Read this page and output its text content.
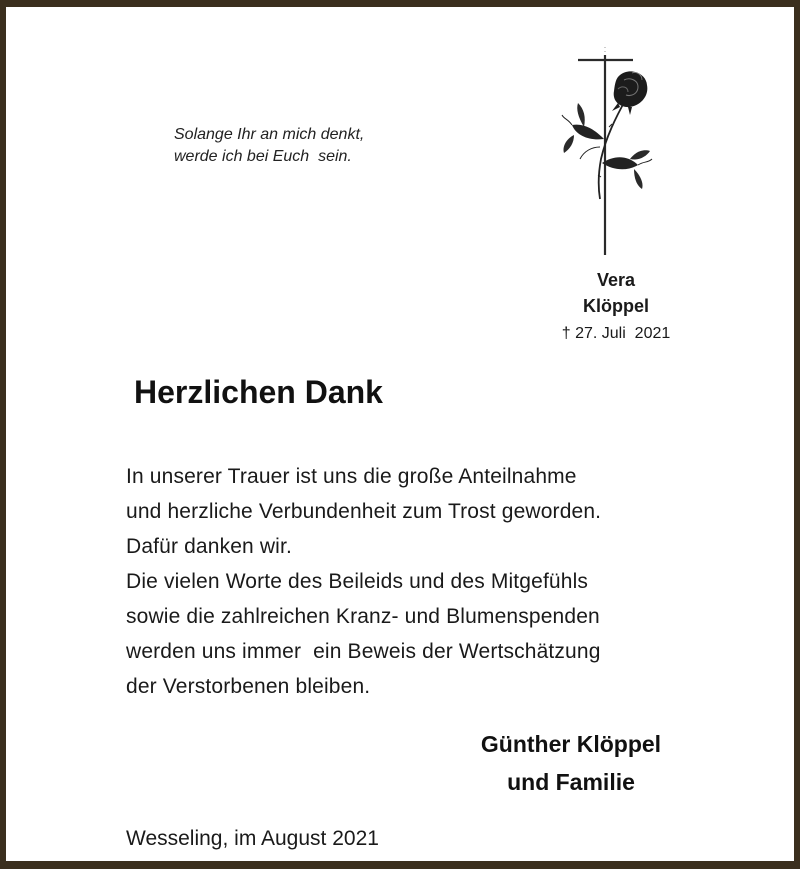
Solange Ihr an mich denkt,
werde ich bei Euch  sein.
Vera
Klöppel
† 27. Juli  2021
Herzlichen Dank
In unserer Trauer ist uns die große Anteilnahme
und herzliche Verbundenheit zum Trost geworden.
Dafür danken wir.
Die vielen Worte des Beileids und des Mitgefühls
sowie die zahlreichen Kranz- und Blumenspenden
werden uns immer  ein Beweis der Wertschätzung
der Verstorbenen bleiben.
Günther Klöppel
und Familie
Wesseling, im August 2021
